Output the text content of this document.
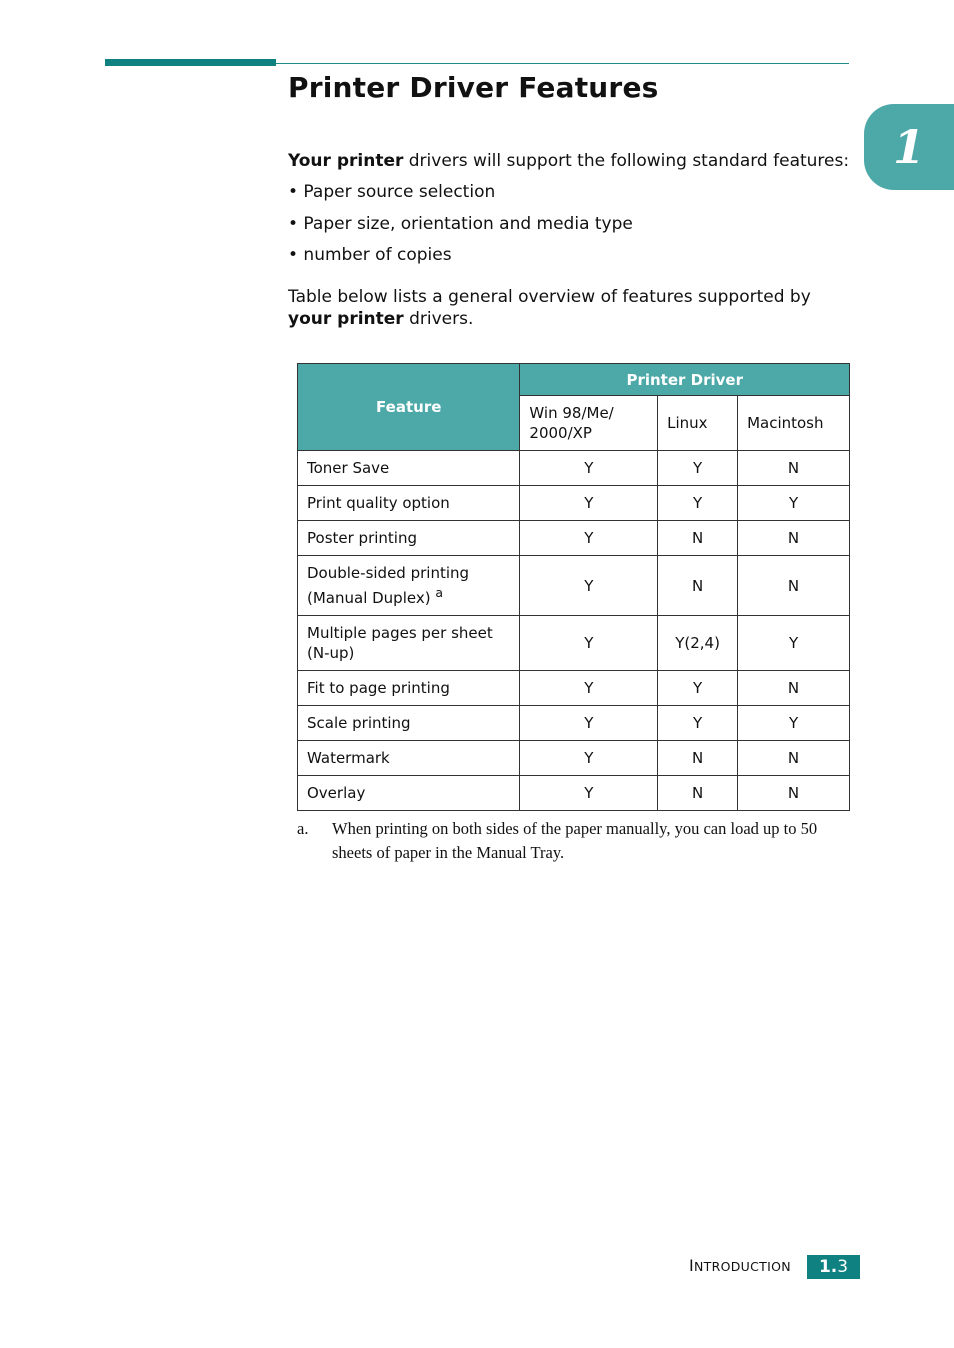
Printer Driver Features
1

Your printer drivers will support the following standard features:

• Paper source selection

• Paper size, orientation and media type

• number of copies

Table below lists a general overview of features supported by your printer drivers.

Feature	Printer Driver		
	Win 98/Me/ 2000/XP	Linux	Macintosh
Toner Save	Y	Y	N
Print quality option	Y	Y	Y
Poster printing	Y	N	N
Double-sided printing (Manual Duplex) $^a$	Y	N	N
Multiple pages per sheet (N-up)	Y	Y(2,4)	Y
Fit to page printing	Y	Y	N
Scale printing	Y	Y	Y
Watermark	Y	N	N
Overlay	Y	N	N
a. When printing on both sides of the paper manually, you can load up to 50 sheets of paper in the Manual Tray.
INTRODUCTION 1. 3
